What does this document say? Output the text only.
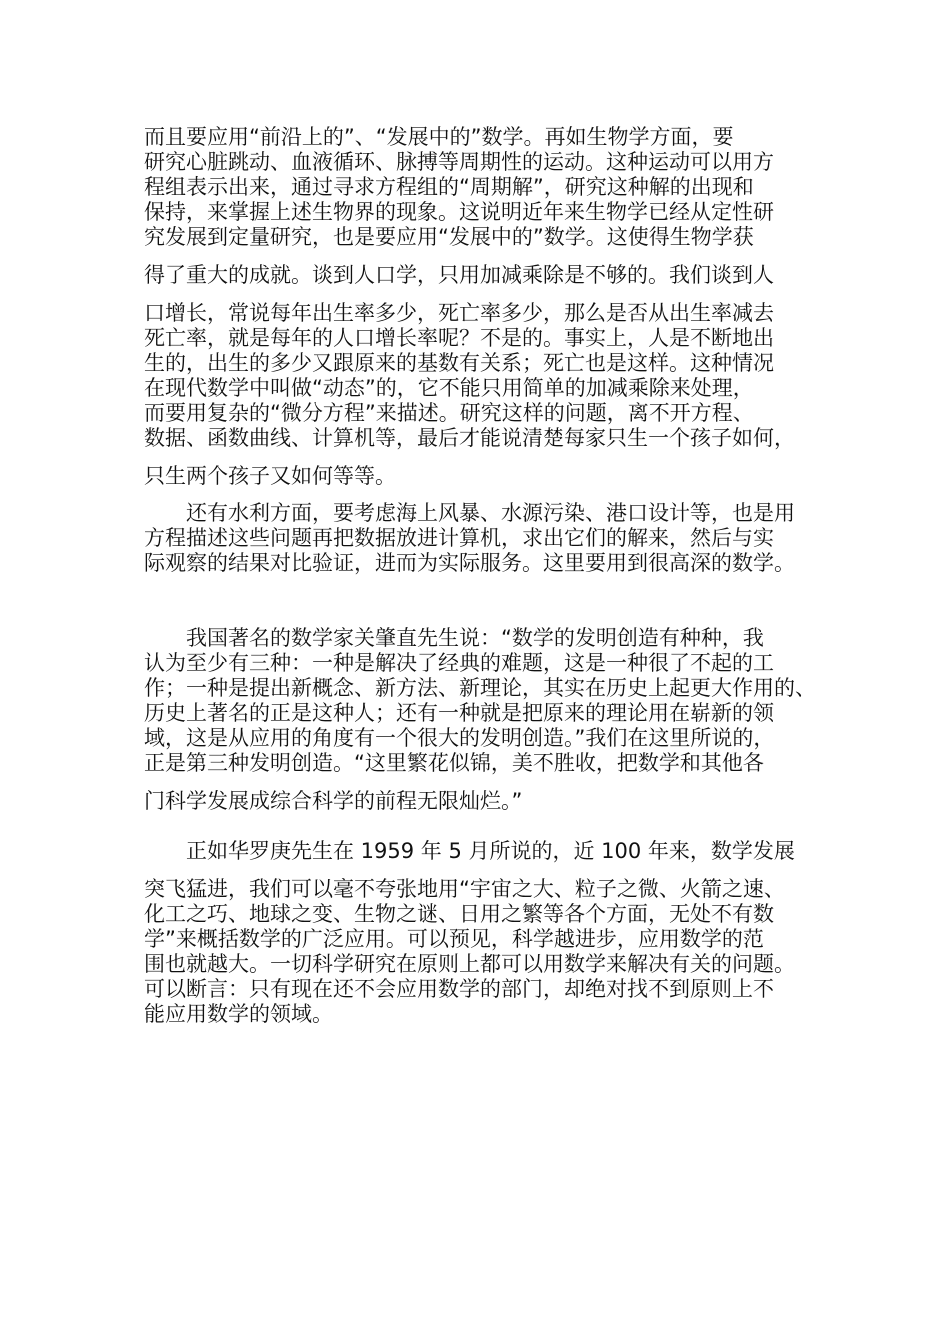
而且要应用“前沿上的”、“发展中的”数学。再如生物学方面，要
研究心脏跳动、血液循环、脉搏等周期性的运动。这种运动可以用方
程组表示出来，通过寻求方程组的“周期解”，研究这种解的出现和
保持，来掌握上述生物界的现象。这说明近年来生物学已经从定性研
究发展到定量研究，也是要应用“发展中的”数学。这使得生物学获
得了重大的成就。谈到人口学，只用加减乘除是不够的。我们谈到人
口增长，常说每年出生率多少，死亡率多少，那么是否从出生率减去
死亡率，就是每年的人口增长率呢？不是的。事实上，人是不断地出
生的，出生的多少又跟原来的基数有关系；死亡也是这样。这种情况
在现代数学中叫做“动态”的，它不能只用简单的加减乘除来处理，
而要用复杂的“微分方程”来描述。研究这样的问题，离不开方程、
数据、函数曲线、计算机等，最后才能说清楚每家只生一个孩子如何，
只生两个孩子又如何等等。
还有水利方面，要考虑海上风暴、水源污染、港口设计等，也是用
方程描述这些问题再把数据放进计算机，求出它们的解来，然后与实
际观察的结果对比验证，进而为实际服务。这里要用到很高深的数学。
我国著名的数学家关肇直先生说：“数学的发明创造有种种，我
认为至少有三种：一种是解决了经典的难题，这是一种很了不起的工
作；一种是提出新概念、新方法、新理论，其实在历史上起更大作用的、
历史上著名的正是这种人；还有一种就是把原来的理论用在崭新的领
域，这是从应用的角度有一个很大的发明创造。”我们在这里所说的，
正是第三种发明创造。“这里繁花似锦，美不胜收，把数学和其他各
门科学发展成综合科学的前程无限灿烂。”
正如华罗庚先生在 1959 年 5 月所说的，近 100 年来，数学发展
突飞猛进，我们可以毫不夸张地用“宇宙之大、粒子之微、火箭之速、
化工之巧、地球之变、生物之谜、日用之繁等各个方面，无处不有数
学”来概括数学的广泛应用。可以预见，科学越进步，应用数学的范
围也就越大。一切科学研究在原则上都可以用数学来解决有关的问题。
可以断言：只有现在还不会应用数学的部门，却绝对找不到原则上不
能应用数学的领域。
